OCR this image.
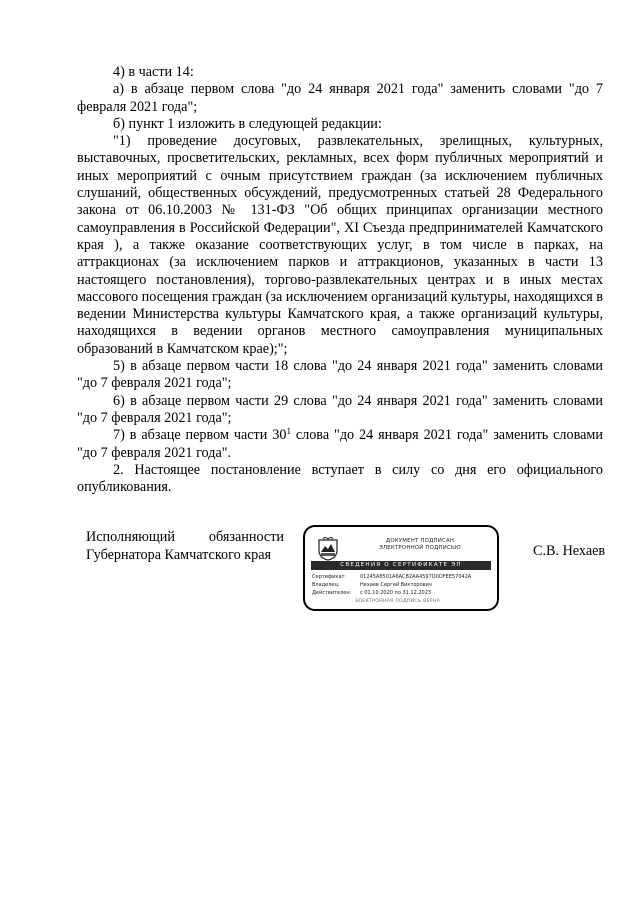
4) в части 14:

а) в абзаце первом слова "до 24 января 2021 года" заменить словами "до 7 февраля 2021 года";

б) пункт 1 изложить в следующей редакции:

"1) проведение досуговых, развлекательных, зрелищных, культурных, выставочных, просветительских, рекламных, всех форм публичных мероприятий и иных мероприятий с очным присутствием граждан (за исключением публичных слушаний, общественных обсуждений, предусмотренных статьей 28 Федерального закона от 06.10.2003 № 131-ФЗ "Об общих принципах организации местного самоуправления в Российской Федерации", XI Съезда предпринимателей Камчатского края ), а также оказание соответствующих услуг, в том числе в парках, на аттракционах (за исключением парков и аттракционов, указанных в части 13 настоящего постановления), торгово-развлекательных центрах и в иных местах массового посещения граждан (за исключением организаций культуры, находящихся в ведении Министерства культуры Камчатского края, а также организаций культуры, находящихся в ведении органов местного самоуправления муниципальных образований в Камчатском крае);";

5) в абзаце первом части 18 слова "до 24 января 2021 года" заменить словами "до 7 февраля 2021 года";

6) в абзаце первом части 29 слова "до 24 января 2021 года" заменить словами "до 7 февраля 2021 года";

7) в абзаце первом части $30^1$ слова "до 24 января 2021 года" заменить словами "до 7 февраля 2021 года".

2. Настоящее постановление вступает в силу со дня его официального опубликования.

Исполняющий обязанности
Губернатора Камчатского края
ДОКУМЕНТ ПОДПИСАН
ЭЛЕКТРОННОЙ ПОДПИСЬЮ
СВЕДЕНИЯ О СЕРТИФИКАТЕ ЭП
Сертификат:	01245A8501A6ACB2AA4597D0DFEE57042A
Владелец:	Нехаев Сергей Викторович
Действителен: с 01.10.2020 по 31.12.2023
ЭЛЕКТРОННАЯ ПОДПИСЬ ВЕРНА
С.В. Нехаев
